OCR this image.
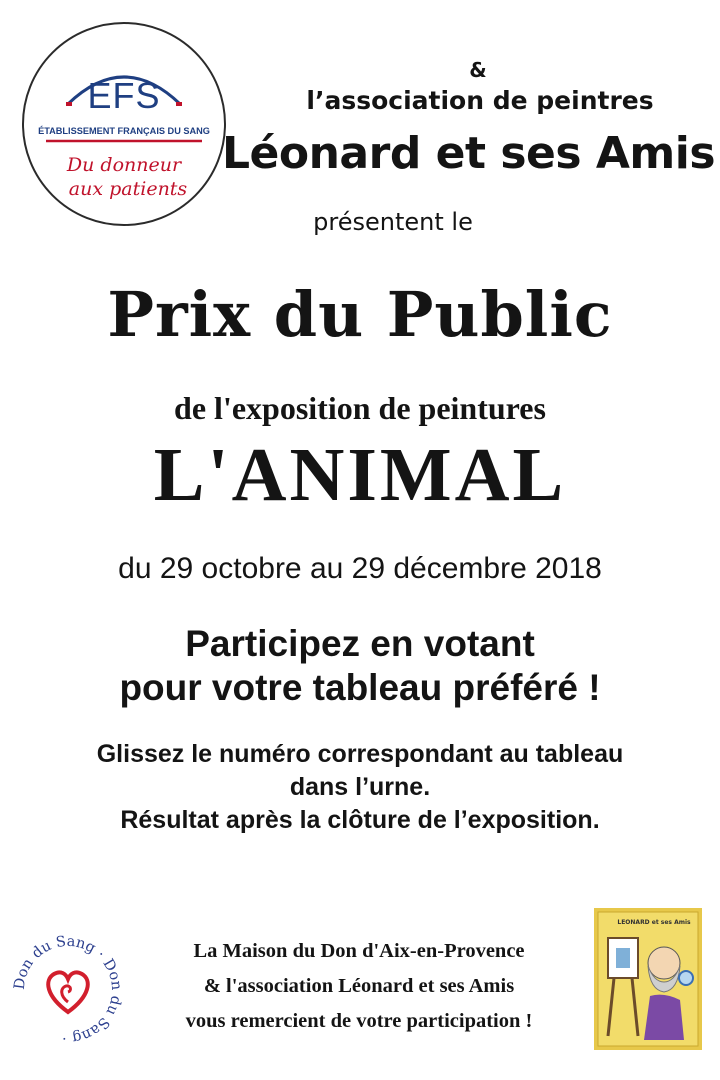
EFS
ÉTABLISSEMENT FRANÇAIS DU SANG
Du donneur
aux patients
&
l’association de peintres
Léonard et ses Amis
présentent le
Prix du Public
de l'exposition de peintures
L'ANIMAL
du 29 octobre au 29 décembre 2018
Participez en votant
pour votre tableau préféré !
Glissez le numéro correspondant au tableau
dans l’urne.
Résultat après la clôture de l’exposition.
Don du Sang · Don du Sang ·
La Maison du Don d'Aix-en-Provence
& l'association Léonard et ses Amis
vous remercient de votre participation !
LEONARD et ses Amis
